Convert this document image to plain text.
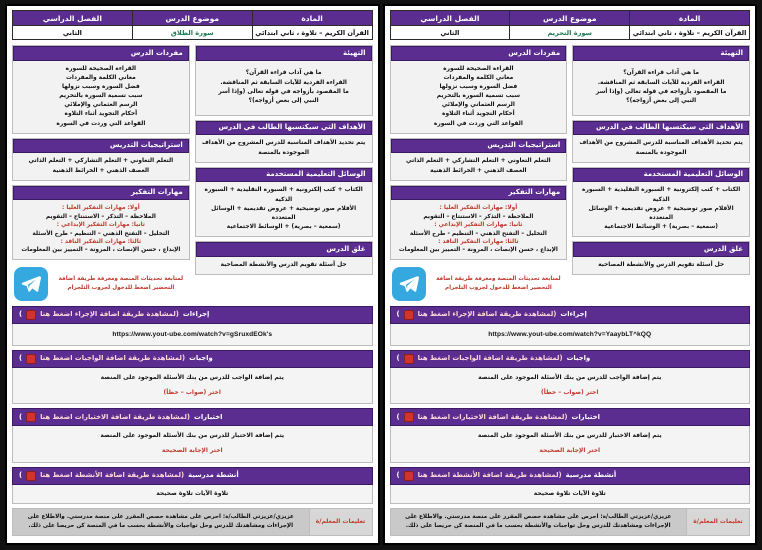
المادة	موضوع الدرس	الفصل الدراسي
القرآن الكريم – تلاوة ، ثاني ابتدائي	سورة التحريم	الثاني
التهيئة
ما هي آداب قراءة القرآن؟
القراءة الفردية للآيات السابقة ثم المناقشة.
ما المقصود بأزواجه في قوله تعالى (وإذا أسر
النبي إلى بعض أزواجه)؟
الأهداف التي سيكتسبها الطالب في الدرس
يتم تحديد الأهداف المناسبة للدرس المشروح من الأهداف الموجودة بالمنصة
الوسائل التعليمية المستخدمة
الكتاب + كتب إلكترونية + السبورة التقليدية + السبورة الذكية
الأقلام صور توضيحية + عروض تقديمية + الوسائل المتعددة
(سمعية – بصرية) + الوسائط الاجتماعية
غلق الدرس
حل أسئلة تقويم الدرس والأنشطة المصاحبة
مفردات الدرس
القراءة الصحيحة للسورة
معاني الكلمة والمفردات
فضل السورة وسبب نزولها
سبب تسمية السورة بالتحريم
الرسم العثماني والإملائي
أحكام التجويد أثناء التلاوة
القواعد التي وردت في السورة
استراتيجيات التدريس
التعلم التعاوني + التعلم التشاركي + التعلم الذاتي
العصف الذهني + الخرائط الذهنية
مهارات التفكير
أولا: مهارات التفكير العليا :
الملاحظة – التذكر – الاستنتاج – التقويم
ثانيا: مهارات التفكير الإبداعي :
التحليل – التفتح الذهني – التنظيم - طرح الأسئلة
ثالثا: مهارات التفكير الناقد :
الإبداع ، حسن الإنصات ، المرونة – التمييز بين المعلومات
لمتابعة تحديثات المنصة ومعرفة طريقة اضافة التحضير اضغط للدخول لجروب التلجرام
إجراءات
(لمشاهدة طريقة اضافة الإجراء اضغط هنا
)
https://www.yout-ube.com/watch?v=YaaybLT^kQQ
واجبات
(لمشاهدة طريقة اضافة الواجبات اضغط هنا
)
يتم إضافة الواجب للدرس من بنك الأسئلة الموجود على المنصة
اختر (صواب – خطأ)
اختبارات
(لمشاهدة طريقة اضافة الاختبارات اضغط هنا
)
يتم إضافة الاختبار للدرس من بنك الأسئلة الموجود على المنصة
اختر الإجابة الصحيحة
أنشطة مدرسية
(لمشاهدة طريقة اضافة الأنشطة اضغط هنا
)
تلاوة الآيات تلاوة صحيحة
تعليمات المعلم/ة
عزيزي/عزيزتي الطالب/ة: احرص على مشاهدة حصص المقرر على منصة مدرستي. والاطلاع على الإجراءات ومشاهدتك للدرس وحل تواجبات والأنشطة بحسب ما في المنصة كن حريصا على ذلك.
المادة	موضوع الدرس	الفصل الدراسي
القرآن الكريم – تلاوة ، ثاني ابتدائي	سورة الطلاق	الثاني
التهيئة
ما هي آداب قراءة القرآن؟
القراءة الفردية للآيات السابقة ثم المناقشة.
ما المقصود بأزواجه في قوله تعالى (وإذا أسر
النبي إلى بعض أزواجه)؟
الأهداف التي سيكتسبها الطالب في الدرس
يتم تحديد الأهداف المناسبة للدرس المشروح من الأهداف الموجودة بالمنصة
الوسائل التعليمية المستخدمة
الكتاب + كتب إلكترونية + السبورة التقليدية + السبورة الذكية
الأقلام صور توضيحية + عروض تقديمية + الوسائل المتعددة
(سمعية – بصرية) + الوسائط الاجتماعية
غلق الدرس
حل أسئلة تقويم الدرس والأنشطة المصاحبة
مفردات الدرس
القراءة الصحيحة للسورة
معاني الكلمة والمفردات
فضل السورة وسبب نزولها
سبب تسمية السورة بالتحريم
الرسم العثماني والإملائي
أحكام التجويد أثناء التلاوة
القواعد التي وردت في السورة
استراتيجيات التدريس
التعلم التعاوني + التعلم التشاركي + التعلم الذاتي
العصف الذهني + الخرائط الذهنية
مهارات التفكير
أولا: مهارات التفكير العليا :
الملاحظة – التذكر – الاستنتاج – التقويم
ثانيا: مهارات التفكير الإبداعي :
التحليل – التفتح الذهني – التنظيم - طرح الأسئلة
ثالثا: مهارات التفكير الناقد :
الإبداع ، حسن الإنصات ، المرونة – التمييز بين المعلومات
لمتابعة تحديثات المنصة ومعرفة طريقة اضافة التحضير اضغط للدخول لجروب التلجرام
إجراءات
(لمشاهدة طريقة اضافة الإجراء اضغط هنا
)
https://www.yout-ube.com/watch?v=gSruxdEOk's
واجبات
(لمشاهدة طريقة اضافة الواجبات اضغط هنا
)
يتم إضافة الواجب للدرس من بنك الأسئلة الموجود على المنصة
اختر (صواب – خطأ)
اختبارات
(لمشاهدة طريقة اضافة الاختبارات اضغط هنا
)
يتم إضافة الاختبار للدرس من بنك الأسئلة الموجود على المنصة
اختر الإجابة الصحيحة
أنشطة مدرسية
(لمشاهدة طريقة اضافة الأنشطة اضغط هنا
)
تلاوة الآيات تلاوة صحيحة
تعليمات المعلم/ة
عزيزي/عزيزتي الطالب/ة: احرص على مشاهدة حصص المقرر على منصة مدرستي. والاطلاع على الإجراءات ومشاهدتك للدرس وحل تواجبات والأنشطة بحسب ما في المنصة كن حريصا على ذلك.
